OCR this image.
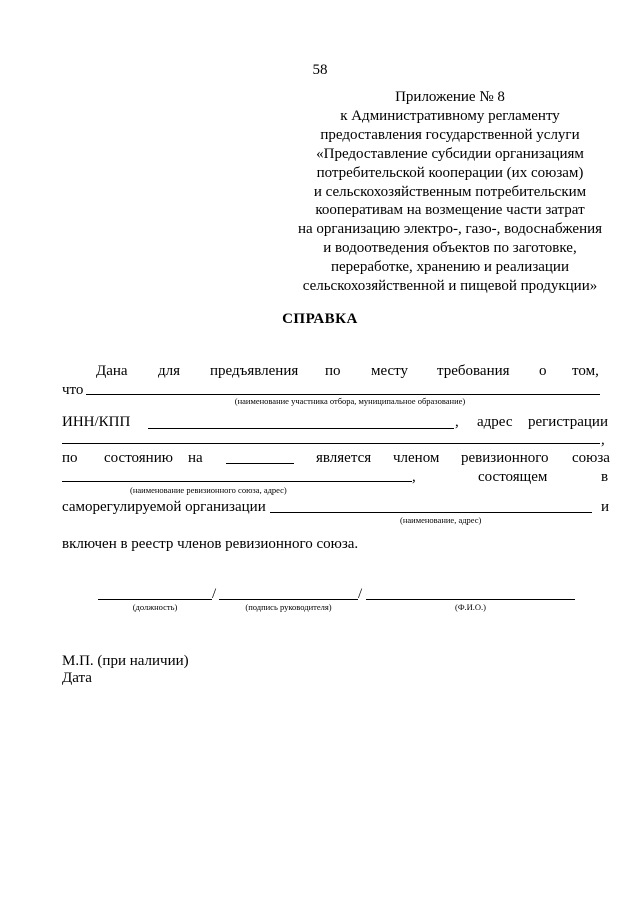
58
Приложение № 8
к Административному регламенту
предоставления государственной услуги
«Предоставление субсидии организациям
потребительской кооперации (их союзам)
и сельскохозяйственным потребительским
кооперативам на возмещение части затрат
на организацию электро-, газо-, водоснабжения
и водоотведения объектов по заготовке,
переработке, хранению и реализации
сельскохозяйственной и пищевой продукции»
СПРАВКА
Дана для предъявления по месту требования о том,
что
(наименование участника отбора, муниципальное образование)
ИНН/КПП	, адрес регистрации
,
по состоянию на	является членом ревизионного союза
,	состоящем	в
(наименование ревизионного союза, адрес)
саморегулируемой организации	и
(наименование, адрес)
включен в реестр членов ревизионного союза.
/	/
(должность)	(подпись руководителя)	(Ф.И.О.)
М.П. (при наличии)
Дата
